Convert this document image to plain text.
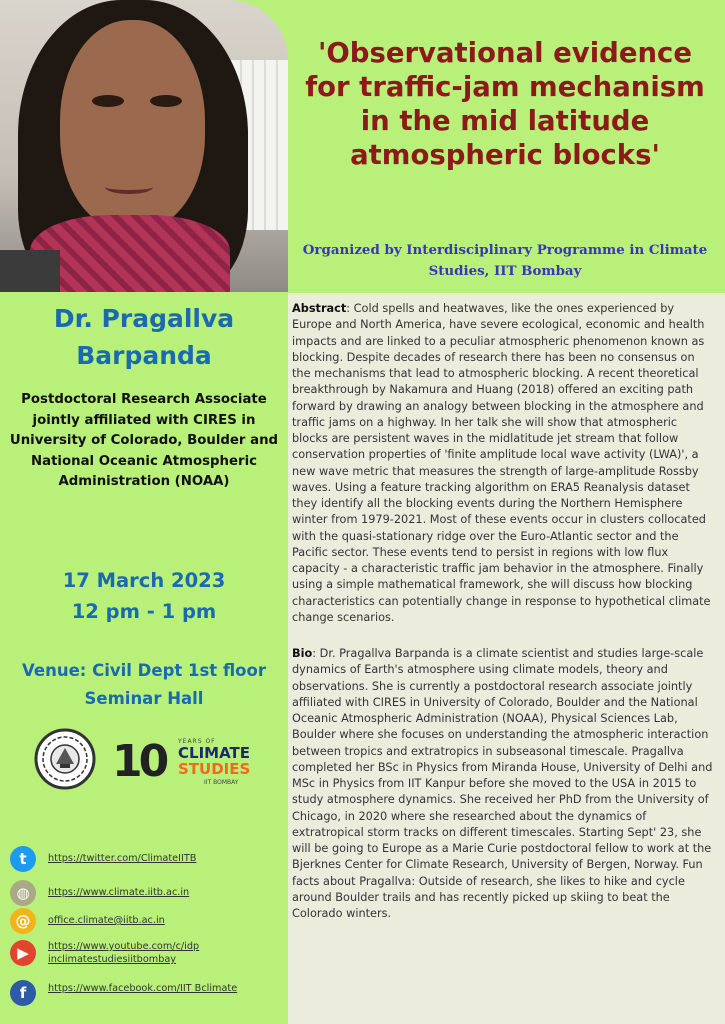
'Observational evidence for traffic-jam mechanism in the mid latitude atmospheric blocks'

Organized by Interdisciplinary Programme in Climate Studies, IIT Bombay

Dr. Pragallva Barpanda

Postdoctoral Research Associate jointly affiliated with CIRES in University of Colorado, Boulder and National Oceanic Atmospheric Administration (NOAA)

17 March 2023
12 pm - 1 pm

Venue: Civil Dept 1st floor Seminar Hall

10 YEARS OF
CLIMATE
STUDIES
IIT BOMBAY
t	https://twitter.com/ClimateIITB
◍	https://www.climate.iitb.ac.in
@	office.climate@iitb.ac.in
▶	https://www.youtube.com/c/idp inclimatestudiesiitbombay
f	https://www.facebook.com/IIT Bclimate

Abstract: Cold spells and heatwaves, like the ones experienced by Europe and North America, have severe ecological, economic and health impacts and are linked to a peculiar atmospheric phenomenon known as blocking. Despite decades of research there has been no consensus on the mechanisms that lead to atmospheric blocking. A recent theoretical breakthrough by Nakamura and Huang (2018) offered an exciting path forward by drawing an analogy between blocking in the atmosphere and traffic jams on a highway. In her talk she will show that atmospheric blocks are persistent waves in the midlatitude jet stream that follow conservation properties of 'finite amplitude local wave activity (LWA)', a new wave metric that measures the strength of large-amplitude Rossby waves. Using a feature tracking algorithm on ERA5 Reanalysis dataset they identify all the blocking events during the Northern Hemisphere winter from 1979-2021. Most of these events occur in clusters collocated with the quasi-stationary ridge over the Euro-Atlantic sector and the Pacific sector. These events tend to persist in regions with low flux capacity - a characteristic traffic jam behavior in the atmosphere. Finally using a simple mathematical framework, she will discuss how blocking characteristics can potentially change in response to hypothetical climate change scenarios.

Bio: Dr. Pragallva Barpanda is a climate scientist and studies large-scale dynamics of Earth's atmosphere using climate models, theory and observations. She is currently a postdoctoral research associate jointly affiliated with CIRES in University of Colorado, Boulder and the National Oceanic Atmospheric Administration (NOAA), Physical Sciences Lab, Boulder where she focuses on understanding the atmospheric interaction between tropics and extratropics in subseasonal timescale. Pragallva completed her BSc in Physics from Miranda House, University of Delhi and MSc in Physics from IIT Kanpur before she moved to the USA in 2015 to study atmosphere dynamics. She received her PhD from the University of Chicago, in 2020 where she researched about the dynamics of extratropical storm tracks on different timescales. Starting Sept' 23, she will be going to Europe as a Marie Curie postdoctoral fellow to work at the Bjerknes Center for Climate Research, University of Bergen, Norway. Fun facts about Pragallva: Outside of research, she likes to hike and cycle around Boulder trails and has recently picked up skiing to beat the Colorado winters.
